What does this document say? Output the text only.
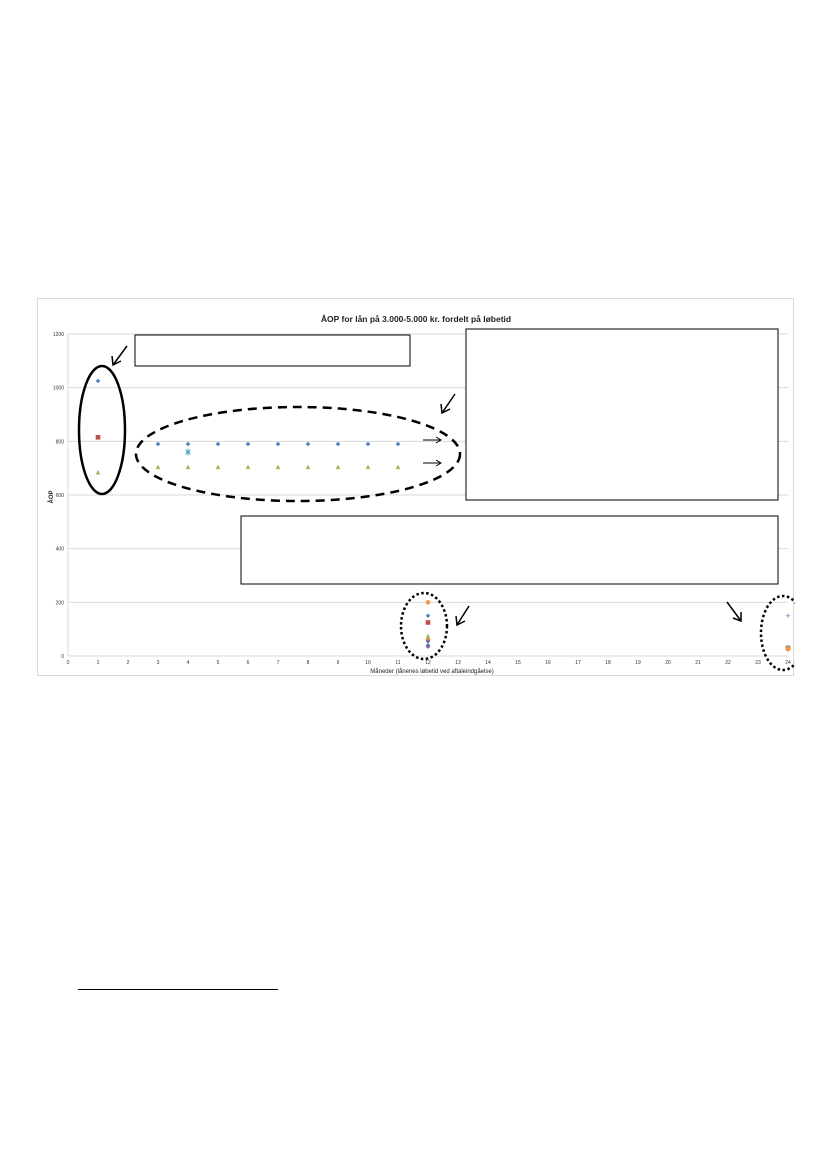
ÅOP for lån på 3.000-5.000 kr. fordelt på løbetid
0
200
400
600
800
1000
1200
0	1	2	3	4	5	6	7	8	9	10	11	12	13	14	15	16	17	18	19	20	21	22	23	24
ÅOP
Måneder (lånenes løbetid ved aftaleindgåelse)
